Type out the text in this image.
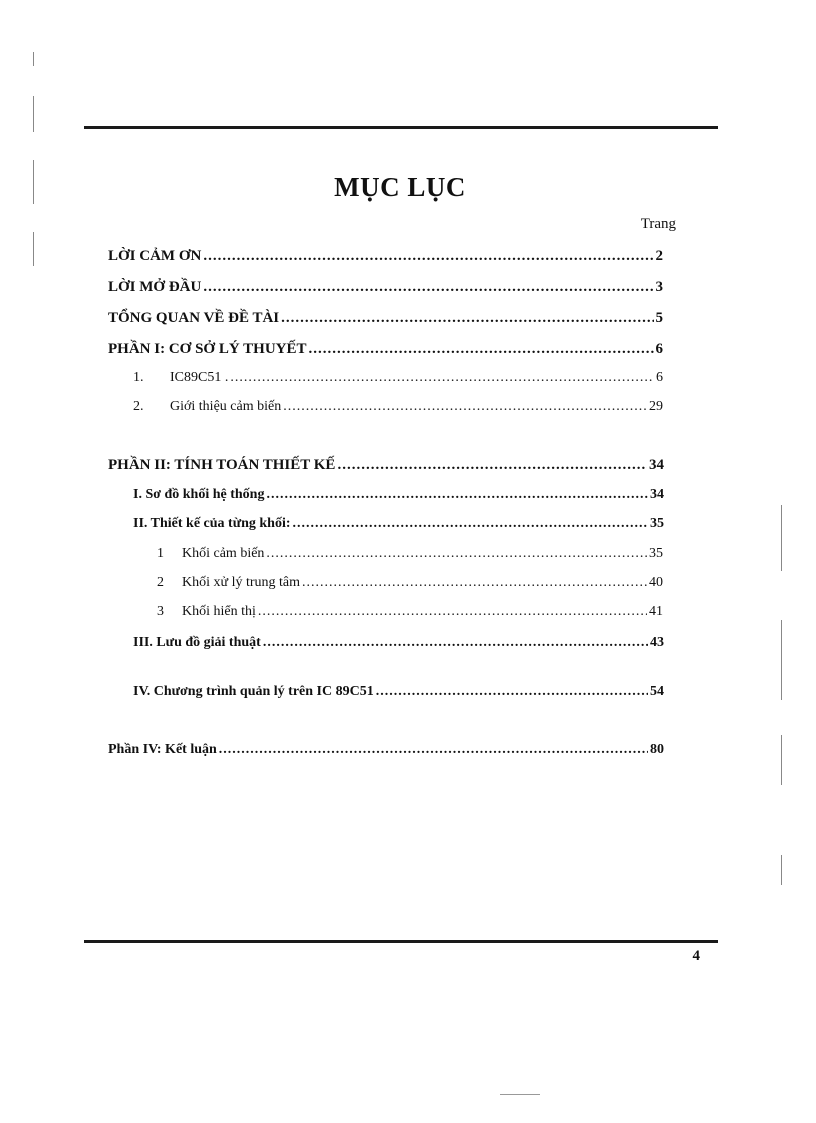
MỤC LỤC
Trang
LỜI CẢM ƠN .....	2
LỜI MỞ ĐẦU .....	3
TỔNG QUAN VỀ ĐỀ TÀI .....	5
PHẦN I: CƠ SỞ LÝ THUYẾT .....	6
1.	IC89C51 . .....	6
2.	Giới thiệu cảm biến .....	29
PHẦN II: TÍNH TOÁN THIẾT KẾ .....	34
I. Sơ đồ khối hệ thống .....	34
II. Thiết kế của từng khối: .....	35
1	Khối cảm biến .....	35
2	Khối xử lý trung tâm .....	40
3	Khối hiển thị .....	41
III. Lưu đồ giải thuật .....	43
IV. Chương trình quản lý trên IC 89C51 .....	54
Phần IV: Kết luận .....	80
4
